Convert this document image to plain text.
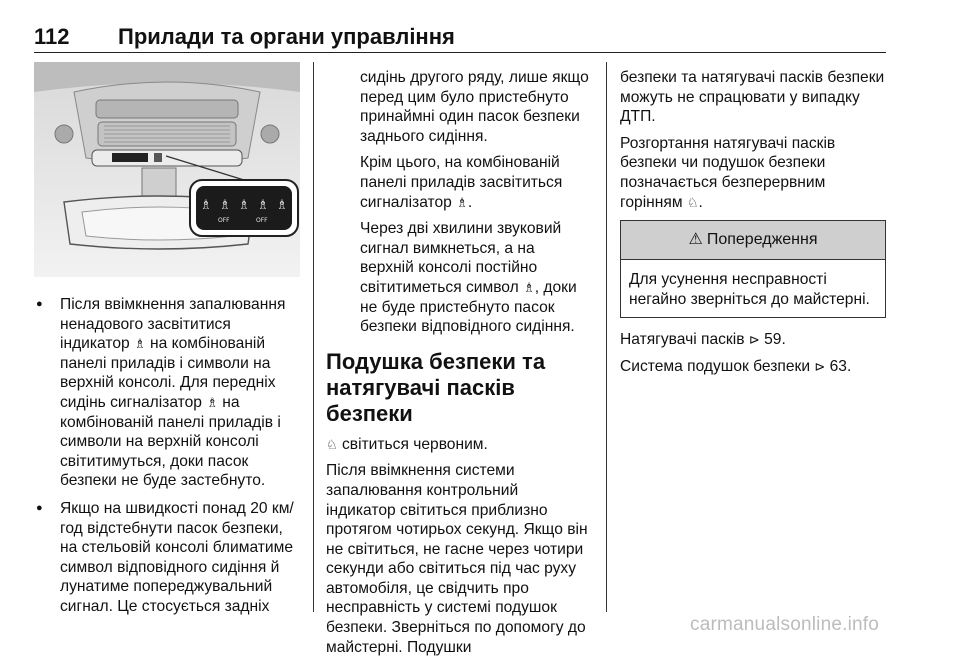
112 Прилади та органи управління
♗ ♗ ♗ ♗ ♗
OFF	OFF
● Після ввімкнення запалювання ненадового засвітитися індикатор ♗ на комбінованій панелі приладів і символи на верхній консолі. Для передніх сидінь сигналізатор ♗ на комбінованій панелі приладів і символи на верхній консолі світитимуться, доки пасок безпеки не буде застебнуто.
● Якщо на швидкості понад 20 км/год відстебнути пасок безпеки, на стельовій консолі блиматиме символ відповідного сидіння й лунатиме попереджувальний сигнал. Це стосується задніх

сидінь другого ряду, лише якщо перед цим було пристебнуто принаймні один пасок безпеки заднього сидіння.

Крім цього, на комбінованій панелі приладів засвітиться сигналізатор ♗.

Через дві хвилини звуковий сигнал вимкнеться, а на верхній консолі постійно світитиметься символ ♗, доки не буде пристебнуто пасок безпеки відповідного сидіння.

Подушка безпеки та натягувачі пасків безпеки

♘ світиться червоним.

Після ввімкнення системи запалювання контрольний індикатор світиться приблизно протягом чотирьох секунд. Якщо він не світиться, не гасне через чотири секунди або світиться під час руху автомобіля, це свідчить про несправність у системі подушок безпеки. Зверніться по допомогу до майстерні. Подушки

безпеки та натягувачі пасків безпеки можуть не спрацювати у випадку ДТП.

Розгортання натягувачі пасків безпеки чи подушок безпеки позначається безперервним горінням ♘.

⚠ Попередження
Для усунення несправності негайно зверніться до майстерні.

Натягувачі пасків ⊳ 59.

Система подушок безпеки ⊳ 63.

carmanualsonline.info
